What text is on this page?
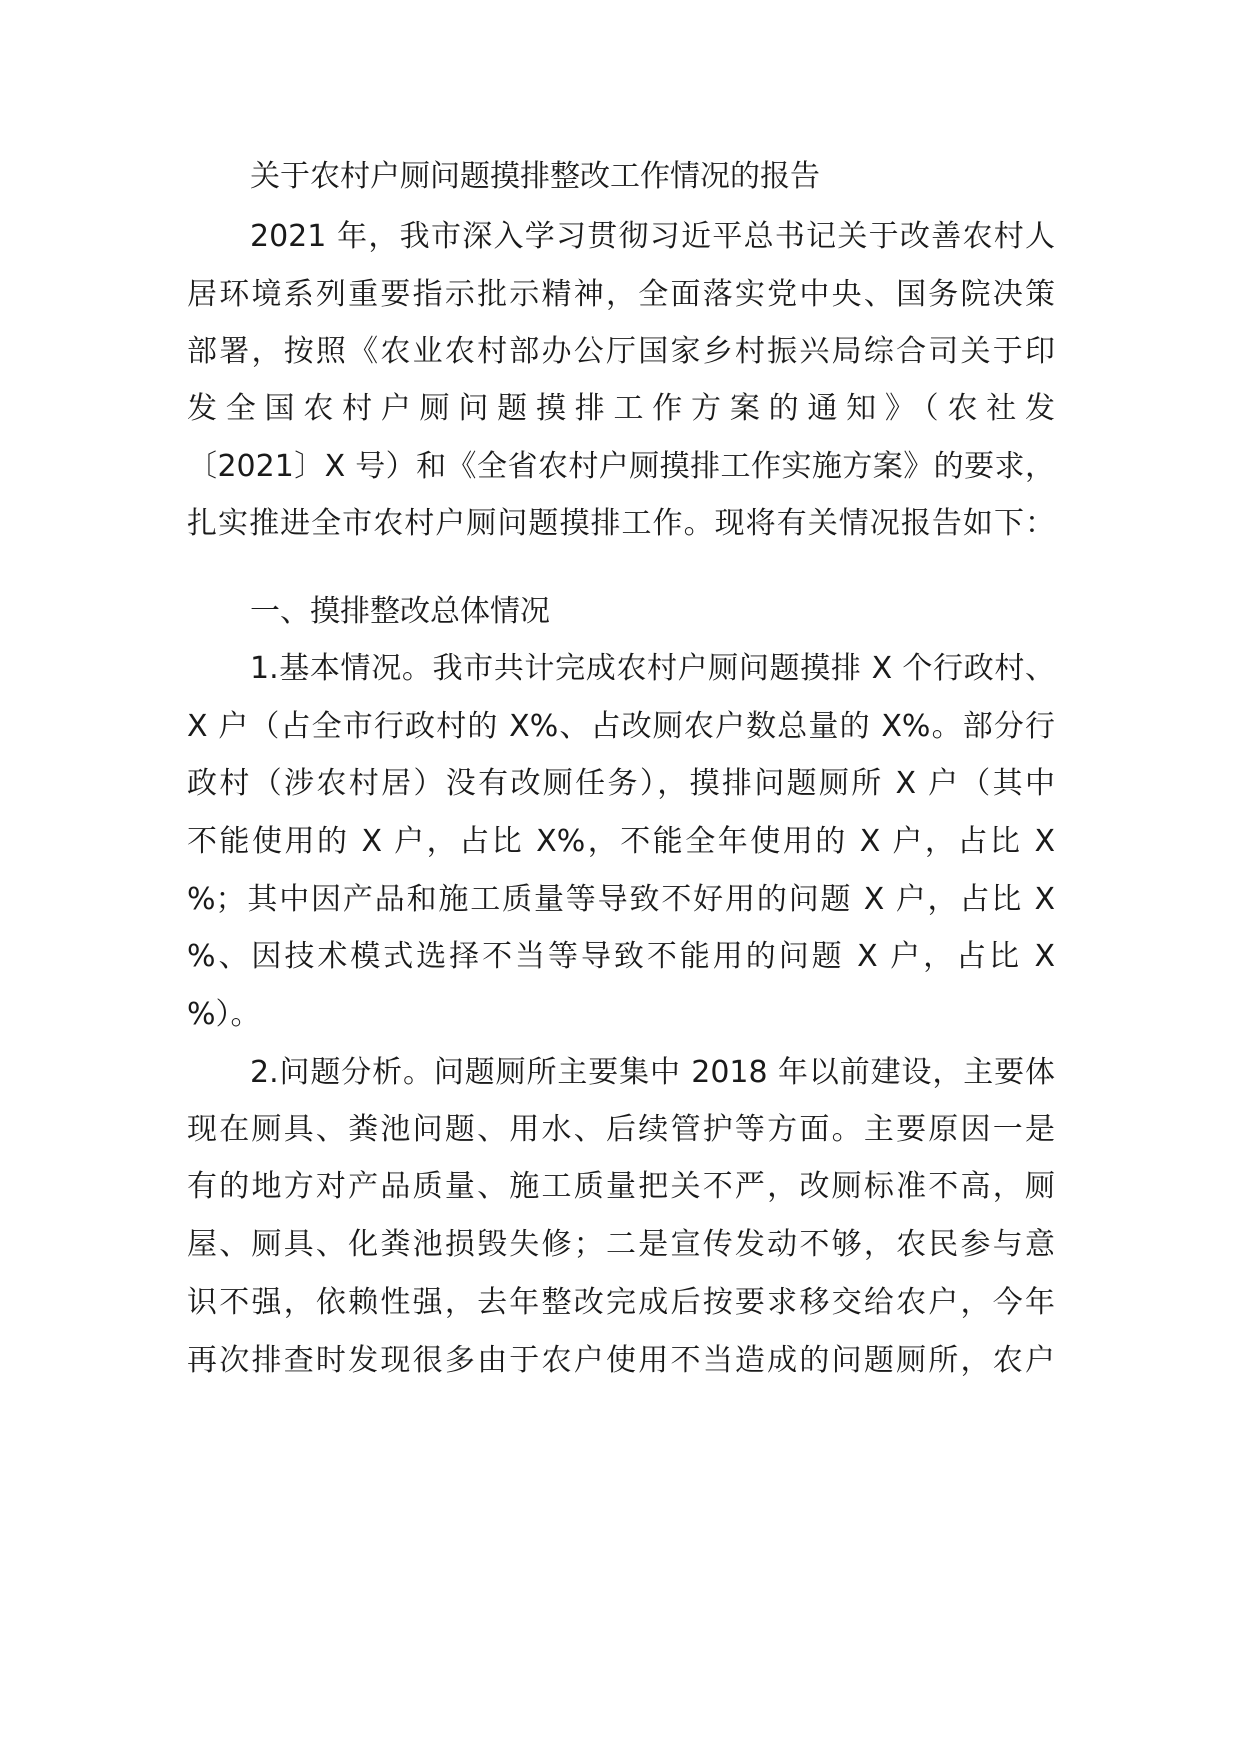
关于农村户厕问题摸排整改工作情况的报告
2021 年，我市深入学习贯彻习近平总书记关于改善农村人
居环境系列重要指示批示精神，全面落实党中央、国务院决策
部署，按照《农业农村部办公厅国家乡村振兴局综合司关于印
发全国农村户厕问题摸排工作方案的通知》（农社发
〔2021〕X 号）和《全省农村户厕摸排工作实施方案》的要求，
扎实推进全市农村户厕问题摸排工作。现将有关情况报告如下：
一、摸排整改总体情况
1.基本情况。我市共计完成农村户厕问题摸排 X 个行政村、
X 户（占全市行政村的 X%、占改厕农户数总量的 X%。部分行
政村（涉农村居）没有改厕任务），摸排问题厕所 X 户（其中
不能使用的 X 户，占比 X%，不能全年使用的 X 户，占比 X
%；其中因产品和施工质量等导致不好用的问题 X 户，占比 X
%、因技术模式选择不当等导致不能用的问题 X 户，占比 X
%）。
2.问题分析。问题厕所主要集中 2018 年以前建设，主要体
现在厕具、粪池问题、用水、后续管护等方面。主要原因一是
有的地方对产品质量、施工质量把关不严，改厕标准不高，厕
屋、厕具、化粪池损毁失修；二是宣传发动不够，农民参与意
识不强，依赖性强，去年整改完成后按要求移交给农户，今年
再次排查时发现很多由于农户使用不当造成的问题厕所，农户
